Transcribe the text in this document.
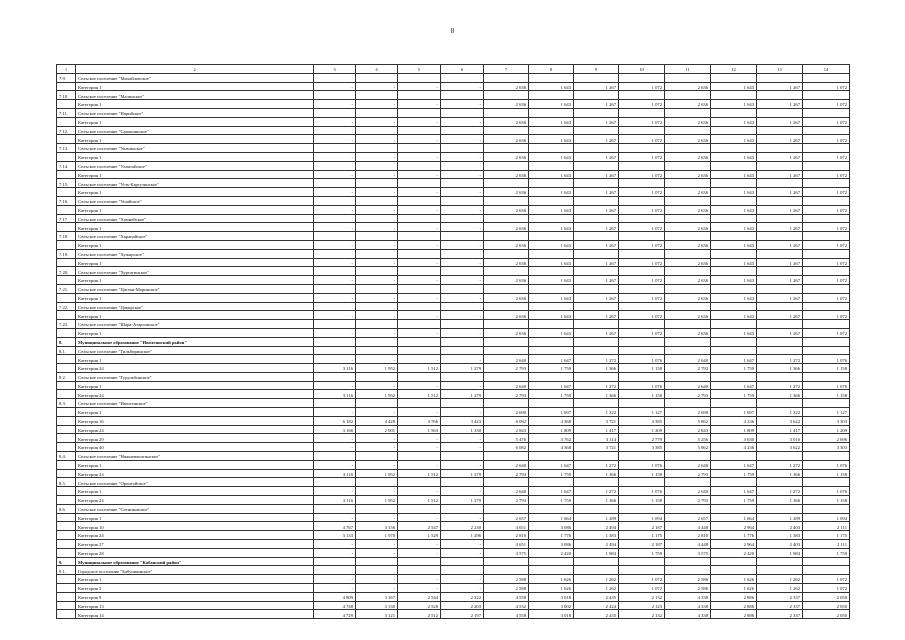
8
1	2	3	4	5	6	7	8	9	10	11	12	13	14
7.9.	Сельское поселение "Михайловское"												
	Категория 1	-	-	-	-	2 636	1 643	1 267	1 072	2 636	1 643	1 267	1 072
7.10.	Сельское поселение "Малинское"												
	Категория 1	-	-	-	-	2 636	1 643	1 267	1 072	2 636	1 643	1 267	1 072
7.11.	Сельское поселение "Нарийское"												
	Категория 1	-	-	-	-	2 636	1 643	1 267	1 072	2 636	1 643	1 267	1 072
7.12.	Сельское поселение "Санашинское"												
	Категория 1	-	-	-	-	2 636	1 643	1 267	1 072	2 636	1 643	1 267	1 072
7.13.	Сельское поселение "Укачинское"												
	Категория 1	-	-	-	-	2 636	1 643	1 267	1 072	2 636	1 643	1 267	1 072
7.14.	Сельское поселение "Улантайское"												
	Категория 1	-	-	-	-	2 636	1 643	1 267	1 072	2 636	1 643	1 267	1 072
7.15.	Сельское поселение "Усть-Баргузинское"												
	Категория 1	-	-	-	-	2 636	1 643	1 267	1 072	2 636	1 643	1 267	1 072
7.16.	Сельское поселение "Ушайское"												
	Категория 1	-	-	-	-	2 636	1 643	1 267	1 072	2 636	1 643	1 267	1 072
7.17.	Сельское поселение "Хамнейское"												
	Категория 1	-	-	-	-	2 636	1 643	1 267	1 072	2 636	1 643	1 267	1 072
7.18.	Сельское поселение "Харацайское"												
	Категория 1	-	-	-	-	2 636	1 643	1 267	1 072	2 636	1 643	1 267	1 072
7.19.	Сельское поселение "Хужирское"												
	Категория 1	-	-	-	-	2 636	1 643	1 267	1 072	2 636	1 643	1 267	1 072
7.20.	Сельское поселение "Хуртагинское"												
	Категория 1	-	-	-	-	2 636	1 643	1 267	1 072	2 636	1 643	1 267	1 072
7.21.	Сельское поселение "Цагаан-Моринское"												
	Категория 1	-	-	-	-	2 636	1 643	1 267	1 072	2 636	1 643	1 267	1 072
7.22.	Сельское поселение "Цакирское"												
	Категория 1	-	-	-	-	2 636	1 643	1 267	1 072	2 636	1 643	1 267	1 072
7.23.	Сельское поселение "Шара-Азаргинское"												
	Категория 1	-	-	-	-	2 636	1 643	1 267	1 072	2 636	1 643	1 267	1 072
8.	Муниципальное образование "Иволгинский район"												
8.1.	Сельское поселение "Гильбиринское"												
	Категория 1	-	-	-	-	2 640	1 647	1 272	1 076	2 640	1 647	1 272	1 076
	Категория 24	3 116	1 952	1 512	1 279	2 793	1 759	1 366	1 158	2 793	1 759	1 366	1 158
8.2.	Сельское поселение "Гурульбинское"												
	Категория 1	-	-	-	-	2 640	1 647	1 272	1 076	2 640	1 647	1 272	1 076
	Категория 24	3 116	1 952	1 512	1 279	2 793	1 759	1 366	1 158	2 793	1 759	1 366	1 158
8.3.	Сельское поселение "Иволгинское"												
	Категория 1	-	-	-	-	2 690	1 697	1 322	1 127	2 690	1 697	1 322	1 127
	Категория 16	6 182	4 428	3 766	3 423	6 082	4 368	3 721	3 385	5 862	4 236	3 622	3 303
	Категория 24	3 166	2 001	1 563	1 330	2 843	1 809	1 417	1 209	2 843	1 809	1 417	1 209
	Категория 29	-	-	-	-	5 476	3 762	3 114	2 779	5 256	3 630	3 016	2 696
	Категория 40	-	-	-	-	6 082	4 368	3 721	3 385	5 862	4 236	3 622	3 303
8.4.	Сельское поселение "Нижнеиволгинское"												
	Категория 1	-	-	-	-	2 640	1 647	1 272	1 076	2 640	1 647	1 272	1 076
	Категория 24	3 116	1 952	1 512	1 279	2 793	1 759	1 366	1 158	2 793	1 759	1 366	1 158
8.5.	Сельское поселение "Оронгойское"												
	Категория 1	-	-	-	-	2 640	1 647	1 272	1 076	2 640	1 647	1 272	1 076
	Категория 24	3 116	1 952	1 512	1 279	2 793	1 759	1 366	1 158	2 793	1 759	1 366	1 158
8.6.	Сельское поселение "Сотниковское"												
	Категория 1	-	-	-	-	2 657	1 664	1 289	1 094	2 657	1 664	1 289	1 094
	Категория 10	4 767	3 156	2 547	2 230	4 651	3 086	2 494	2 187	4 448	2 964	2 403	2 111
	Категория 24	3 133	1 970	1 529	1 296	2 810	1 776	1 383	1 175	2 810	1 776	1 383	1 175
	Категория 27	-	-	-	-	4 651	3 086	2 494	2 187	4 448	2 964	2 403	2 111
	Категория 28	-	-	-	-	3 575	2 420	1 984	1 759	3 575	2 420	1 984	1 759
9.	Муниципальное образование "Кабанский район"												
9.1.	Городское поселение "Бабушкинское"												
	Категория 1	-	-	-	-	2 588	1 626	1 262	1 072	2 586	1 626	1 262	1 072
	Категория 5	-	-	-	-	2 588	1 626	1 262	1 072	2 586	1 626	1 262	1 072
	Категория 9	4 809	3 167	2 544	2 222	4 558	3 018	2 435	2 132	4 338	2 886	2 337	2 050
	Категория 13	4 748	3 130	2 520	2 203	4 532	3 002	2 424	2 123	4 338	2 886	2 337	2 050
	Категория 14	4 729	3 121	2 512	2 197	4 558	3 018	2 435	2 132	4 338	2 886	2 337	2 050
